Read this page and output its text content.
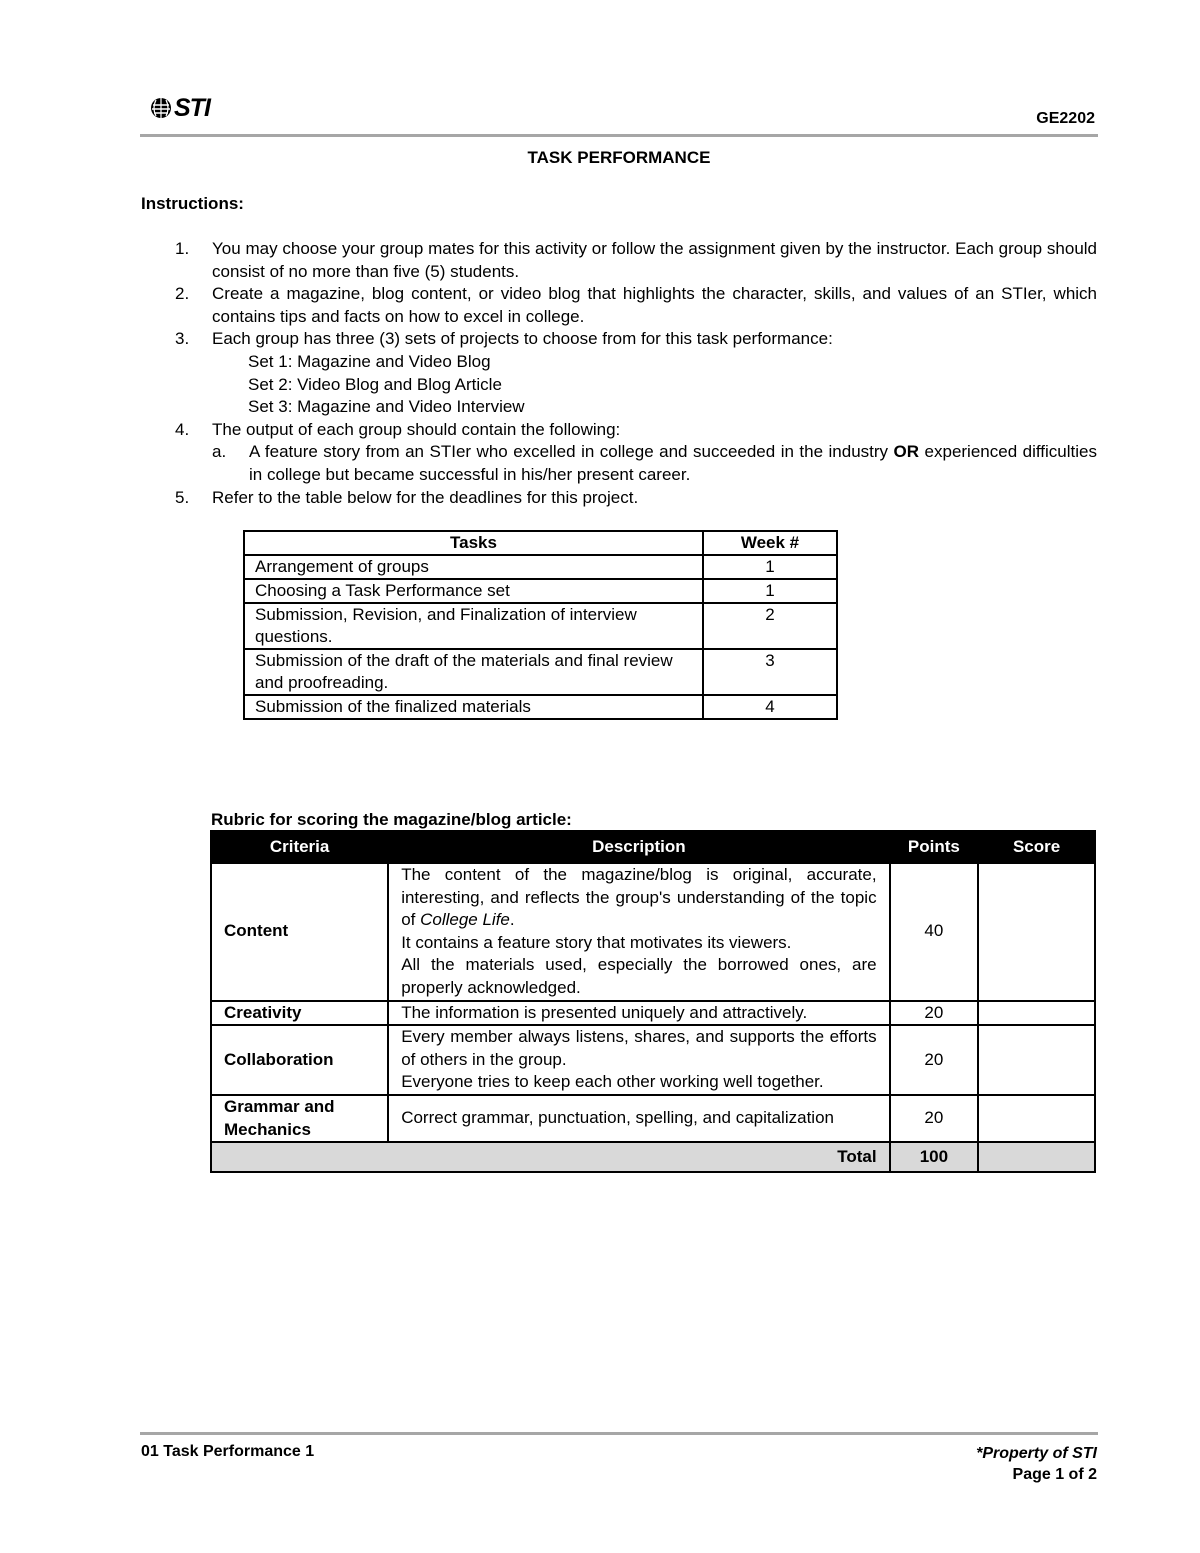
STI	GE2202
TASK PERFORMANCE
Instructions:
1. You may choose your group mates for this activity or follow the assignment given by the instructor. Each group should consist of no more than five (5) students.
2. Create a magazine, blog content, or video blog that highlights the character, skills, and values of an STIer, which contains tips and facts on how to excel in college.
3. Each group has three (3) sets of projects to choose from for this task performance:
Set 1: Magazine and Video Blog
Set 2: Video Blog and Blog Article
Set 3: Magazine and Video Interview
4. The output of each group should contain the following:
a. A feature story from an STIer who excelled in college and succeeded in the industry OR experienced difficulties in college but became successful in his/her present career.
5. Refer to the table below for the deadlines for this project.
Tasks	Week #
Arrangement of groups	1
Choosing a Task Performance set	1
Submission, Revision, and Finalization of interview questions.	2
Submission of the draft of the materials and final review and proofreading.	3
Submission of the finalized materials	4
Rubric for scoring the magazine/blog article:
Criteria	Description	Points	Score
Content	The content of the magazine/blog is original, accurate, interesting, and reflects the group's understanding of the topic of College Life.
It contains a feature story that motivates its viewers.
All the materials used, especially the borrowed ones, are properly acknowledged.	40	
Creativity	The information is presented uniquely and attractively.	20	
Collaboration	Every member always listens, shares, and supports the efforts of others in the group.
Everyone tries to keep each other working well together.	20	
Grammar and Mechanics	Correct grammar, punctuation, spelling, and capitalization	20	
Total		100	
01 Task Performance 1	*Property of STI
Page 1 of 2
